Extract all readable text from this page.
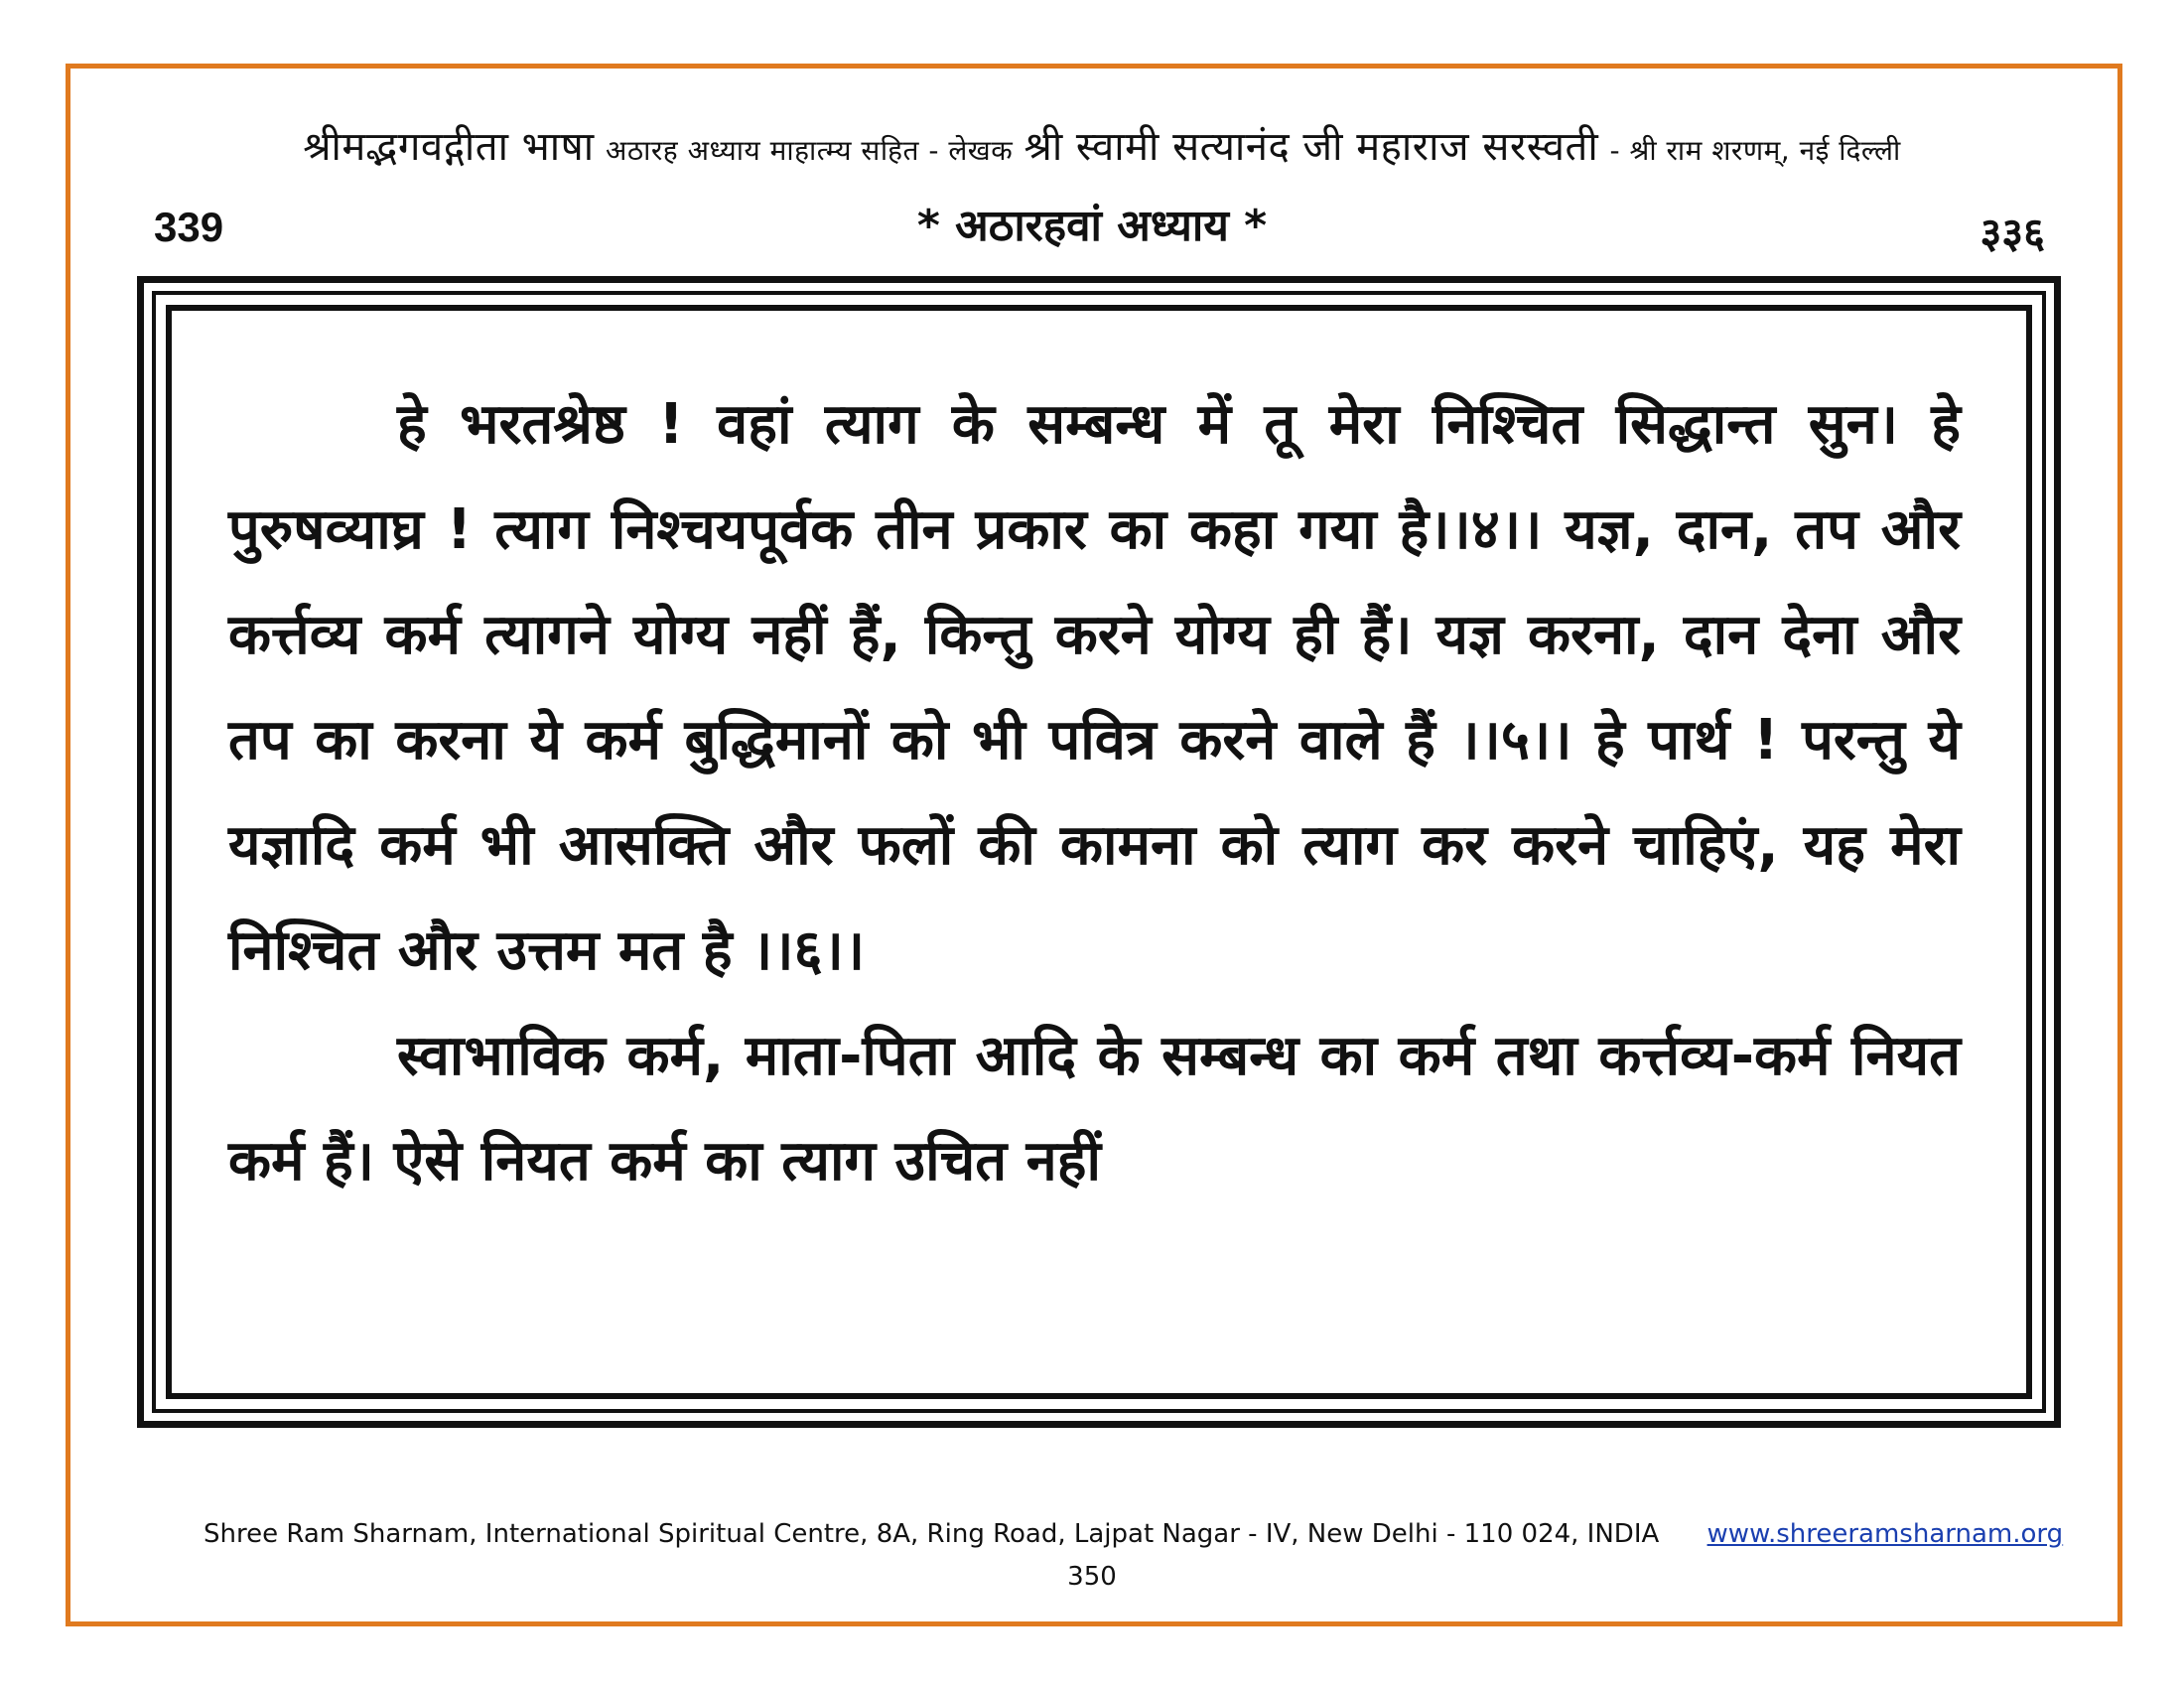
श्रीमद्भगवद्गीता भाषा अठारह अध्याय माहात्म्य सहित - लेखक श्री स्वामी सत्यानंद जी महाराज सरस्वती - श्री राम शरणम्, नई दिल्ली
339	* अठारहवां अध्याय *	३३६

हे भरतश्रेष्ठ ! वहां त्याग के सम्बन्ध में तू मेरा निश्चित सिद्धान्त सुन। हे पुरुषव्याघ्र ! त्याग निश्चयपूर्वक तीन प्रकार का कहा गया है।।४।। यज्ञ, दान, तप और कर्त्तव्य कर्म त्यागने योग्य नहीं हैं, किन्तु करने योग्य ही हैं। यज्ञ करना, दान देना और तप का करना ये कर्म बुद्धिमानों को भी पवित्र करने वाले हैं ।।५।। हे पार्थ ! परन्तु ये यज्ञादि कर्म भी आसक्ति और फलों की कामना को त्याग कर करने चाहिएं, यह मेरा निश्चित और उत्तम मत है ।।६।।

स्वाभाविक कर्म, माता-पिता आदि के सम्बन्ध का कर्म तथा कर्त्तव्य-कर्म नियत कर्म हैं। ऐसे नियत कर्म का त्याग उचित नहीं

Shree Ram Sharnam, International Spiritual Centre, 8A, Ring Road, Lajpat Nagar - IV, New Delhi - 110 024, INDIA www.shreeramsharnam.org
350
